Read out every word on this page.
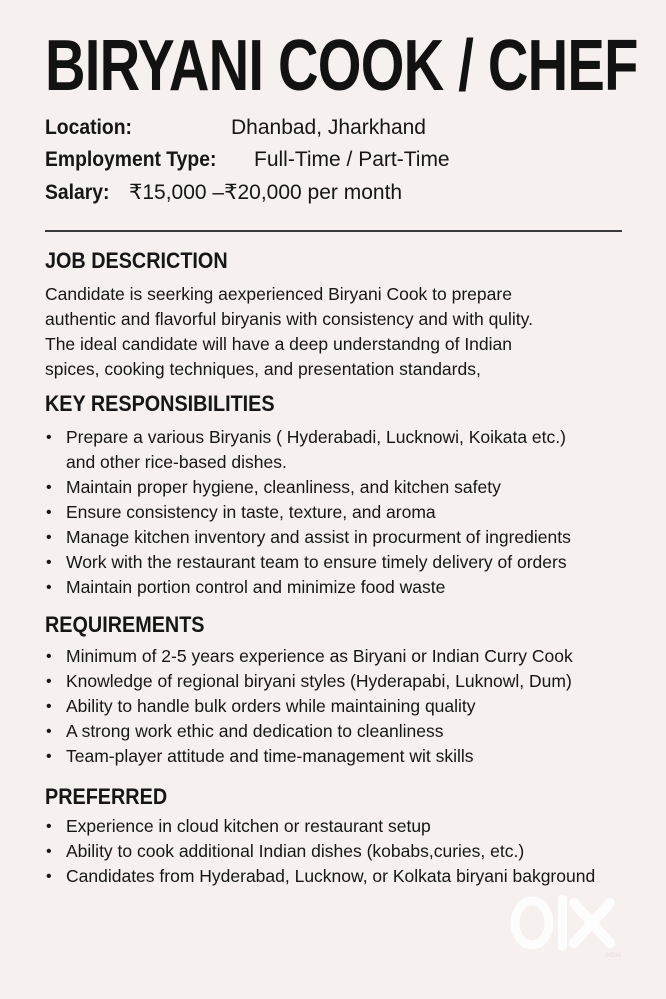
BIRYANI COOK / CHEF
Location:	Dhanbad, Jharkhand
Employment Type: Full-Time / Part-Time
Salary: ₹15,000 –₹20,000 per month
JOB DESCRICTION
Candidate is seerking aexperienced Biryani Cook to prepare
authentic and flavorful biryanis with consistency and with qulity.
The ideal candidate will have a deep understandng of Indian
spices, cooking techniques, and presentation standards,
KEY RESPONSIBILITIES
• Prepare a various Biryanis ( Hyderabadi, Lucknowi, Koikata etc.)
and other rice-based dishes.
• Maintain proper hygiene, cleanliness, and kitchen safety
• Ensure consistency in taste, texture, and aroma
• Manage kitchen inventory and assist in procurment of ingredients
• Work with the restaurant team to ensure timely delivery of orders
• Maintain portion control and minimize food waste
REQUIREMENTS
• Minimum of 2-5 years experience as Biryani or Indian Curry Cook
• Knowledge of regional biryani styles (Hyderapabi, Luknowl, Dum)
• Ability to handle bulk orders while maintaining quality
• A strong work ethic and dedication to cleanliness
• Team-player attitude and time-management wit skills
PREFERRED
• Experience in cloud kitchen or restaurant setup
• Ability to cook additional Indian dishes (kobabs,curies, etc.)
• Candidates from Hyderabad, Lucknow, or Kolkata biryani bakground
INDIA
